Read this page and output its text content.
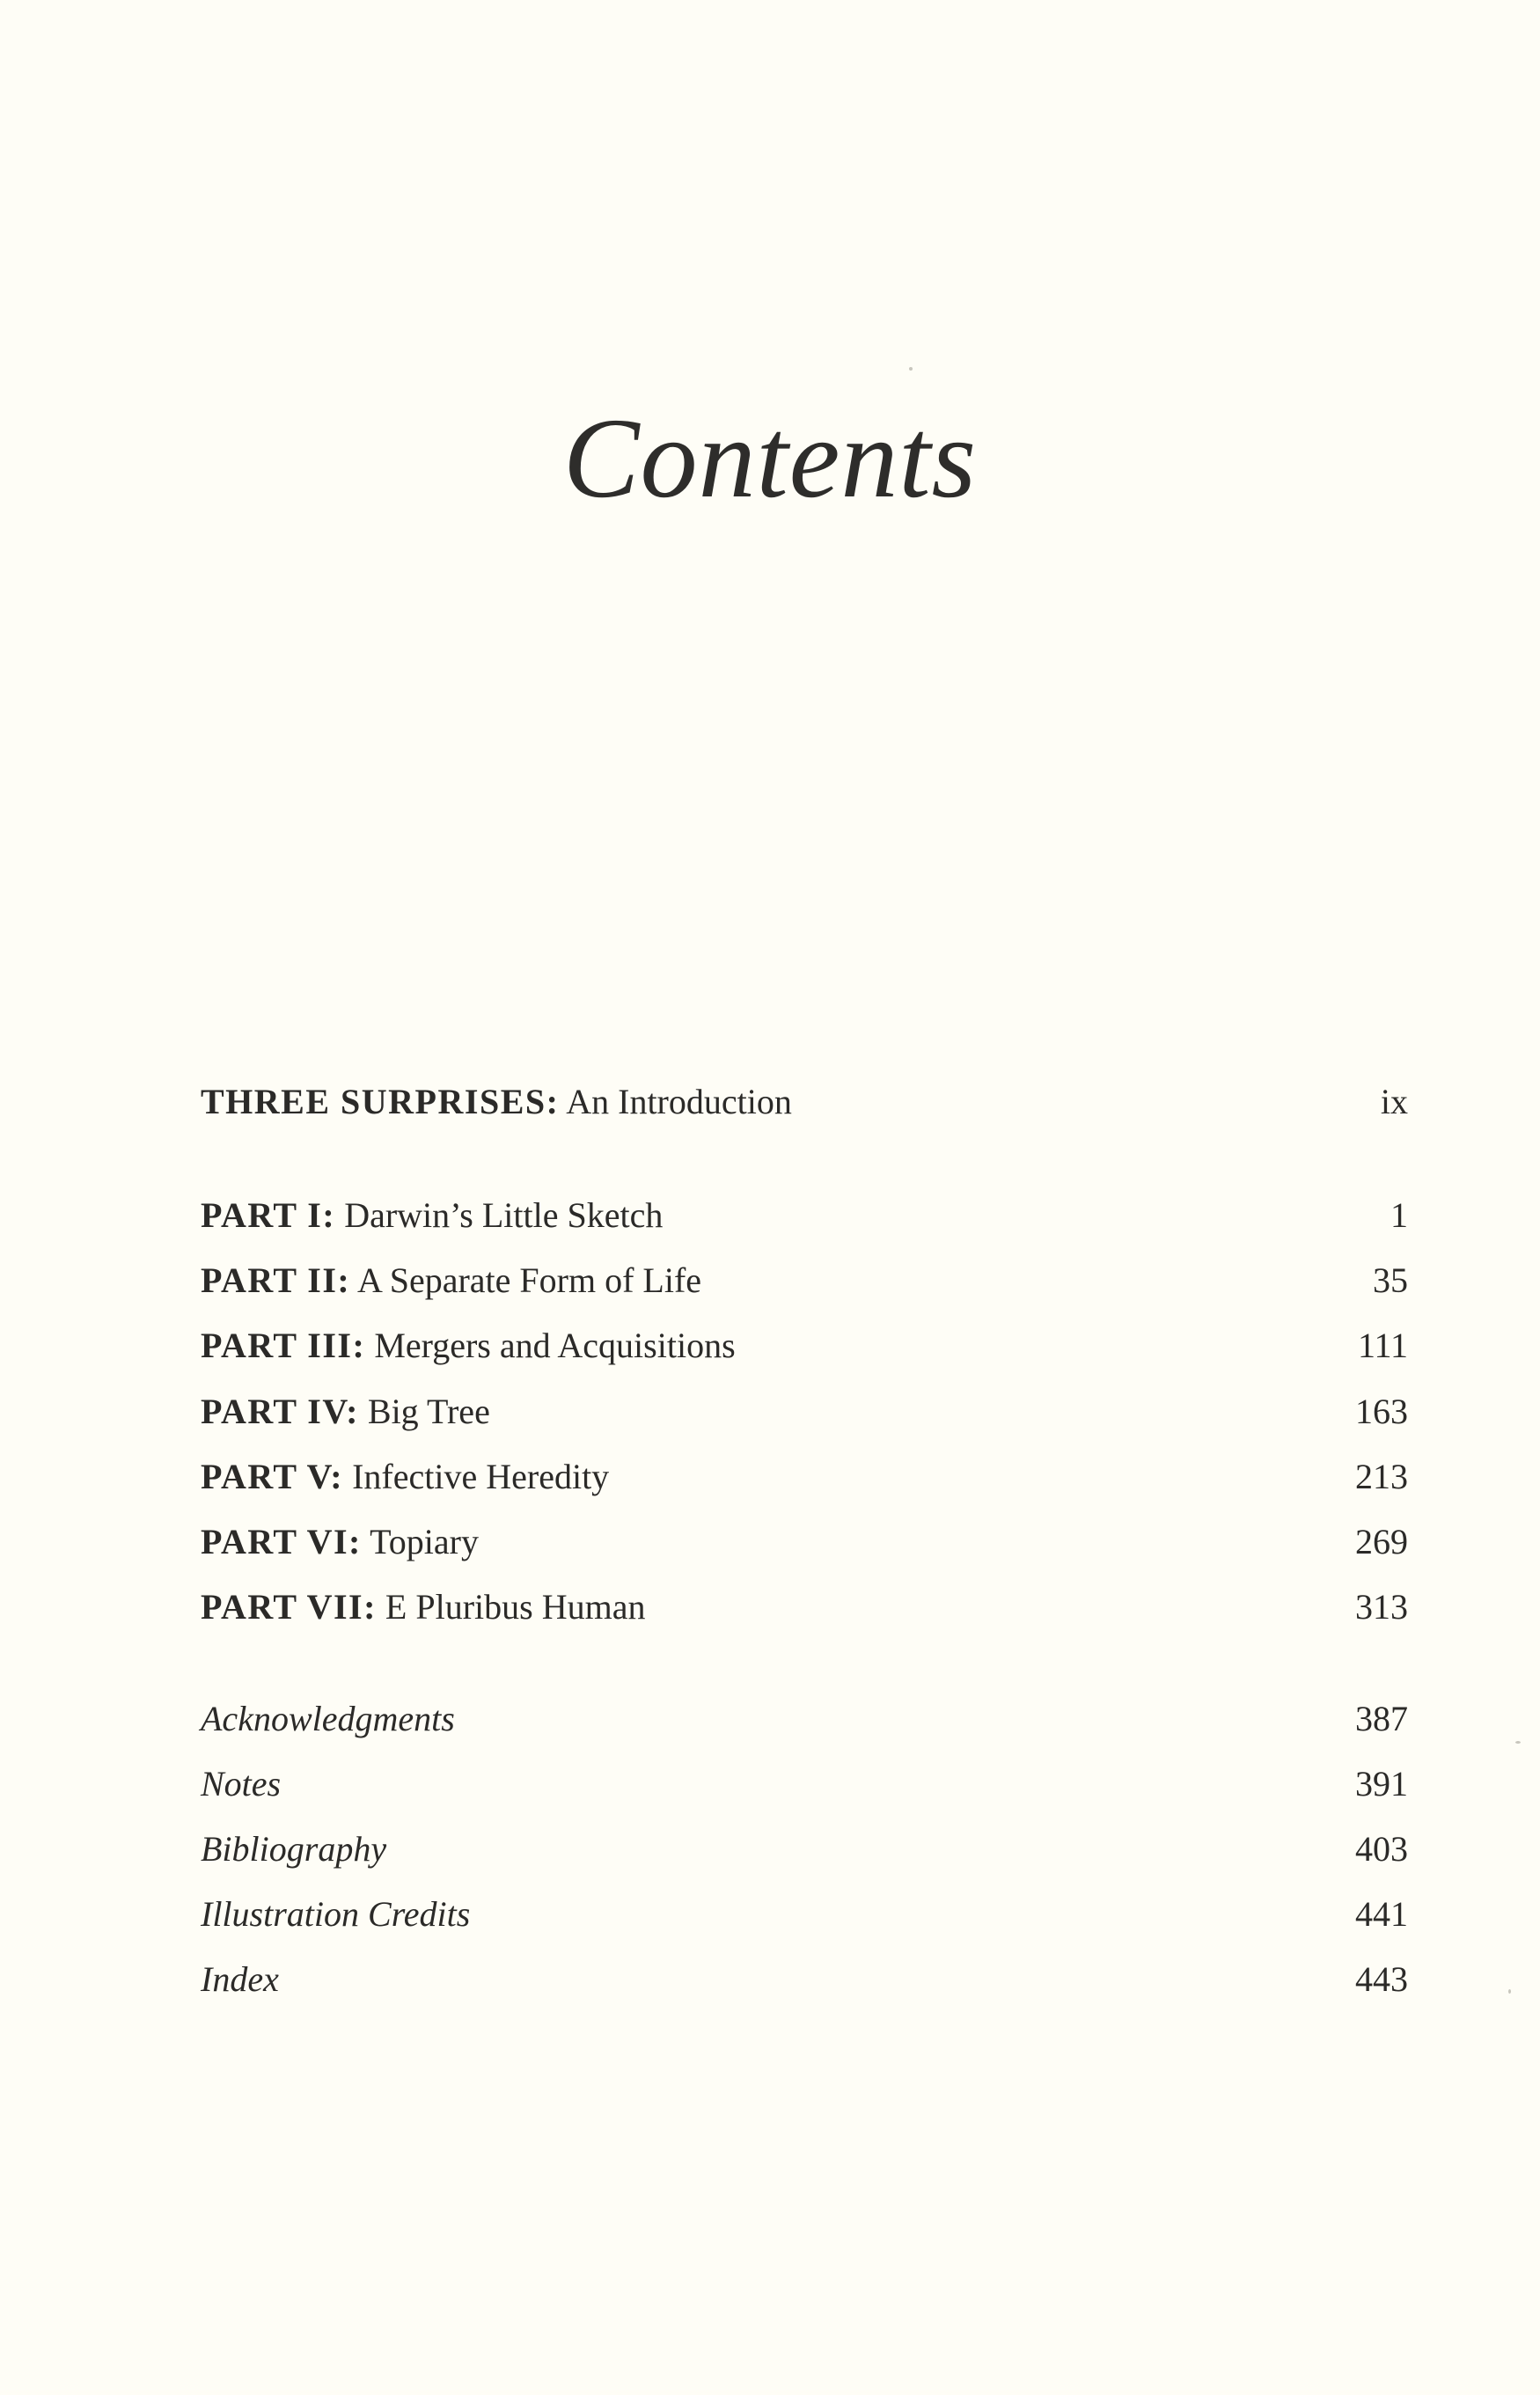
Contents
THREE SURPRISES: An Introduction	ix
PART I: Darwin’s Little Sketch	1
PART II: A Separate Form of Life	35
PART III: Mergers and Acquisitions	111
PART IV: Big Tree	163
PART V: Infective Heredity	213
PART VI: Topiary	269
PART VII: E Pluribus Human	313
Acknowledgments	387
Notes	391
Bibliography	403
Illustration Credits	441
Index	443
